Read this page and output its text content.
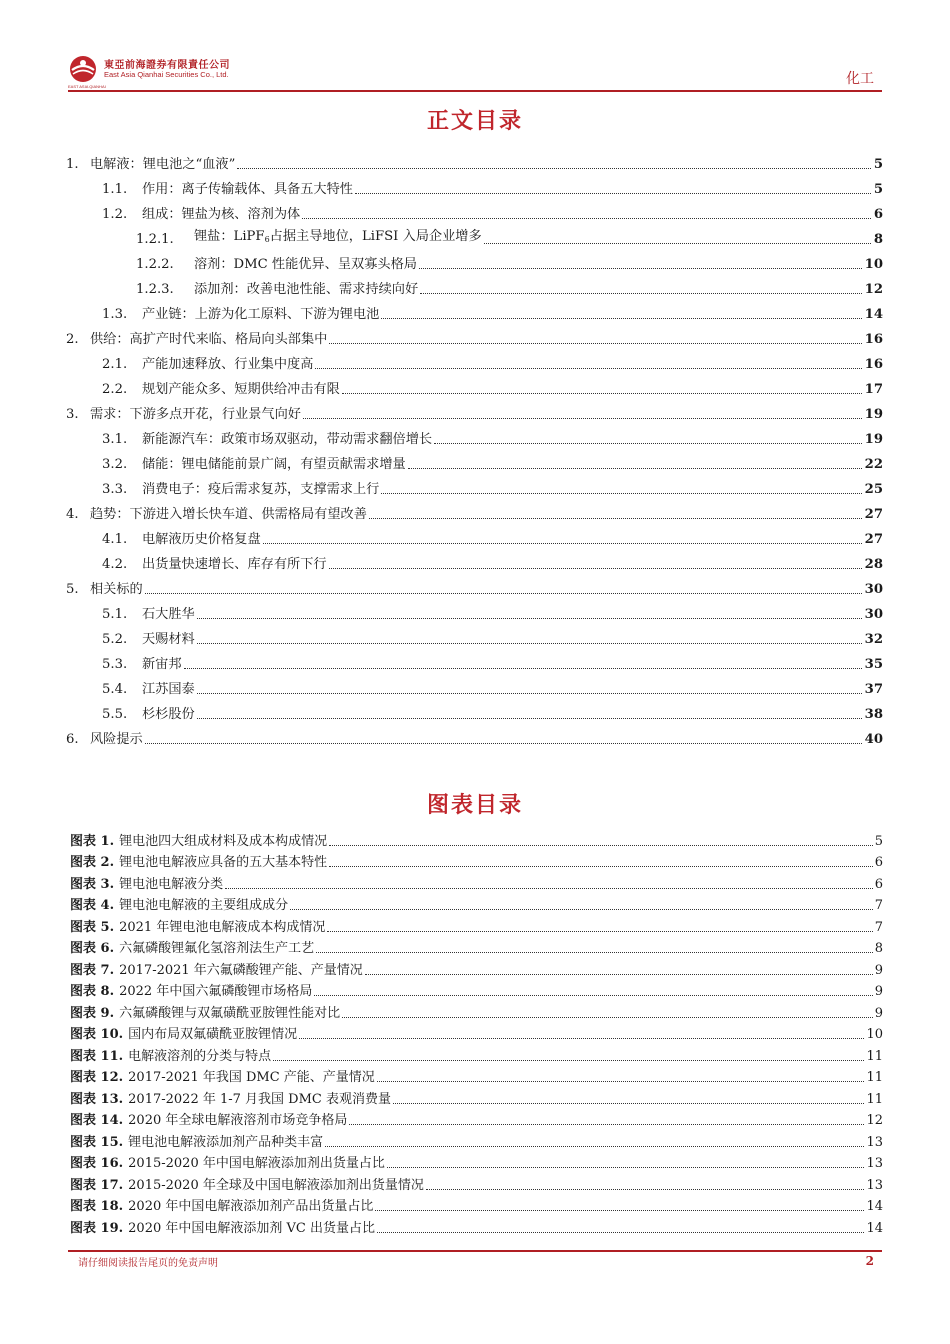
東亞前海證券有限責任公司
East Asia Qianhai Securities Co., Ltd.
EAST ASIA QIANHAI	化工
正文目录
1. 电解液：锂电池之“血液”	5
1.1.	作用：离子传输载体、具备五大特性	5
1.2.	组成：锂盐为核、溶剂为体	6
1.2.1.	锂盐：LiPF$_6$占据主导地位，LiFSI 入局企业增多	8
1.2.2.	溶剂：DMC 性能优异、呈双寡头格局	10
1.2.3.	添加剂：改善电池性能、需求持续向好	12
1.3.	产业链：上游为化工原料、下游为锂电池	14
2. 供给：高扩产时代来临、格局向头部集中	16
2.1.	产能加速释放、行业集中度高	16
2.2.	规划产能众多、短期供给冲击有限	17
3. 需求：下游多点开花，行业景气向好	19
3.1.	新能源汽车：政策市场双驱动，带动需求翻倍增长	19
3.2.	储能：锂电储能前景广阔，有望贡献需求增量	22
3.3.	消费电子：疫后需求复苏，支撑需求上行	25
4. 趋势：下游进入增长快车道、供需格局有望改善	27
4.1.	电解液历史价格复盘	27
4.2.	出货量快速增长、库存有所下行	28
5. 相关标的	30
5.1.	石大胜华	30
5.2.	天赐材料	32
5.3.	新宙邦	35
5.4.	江苏国泰	37
5.5.	杉杉股份	38
6. 风险提示	40
图表目录
图表 1. 锂电池四大组成材料及成本构成情况	5
图表 2. 锂电池电解液应具备的五大基本特性	6
图表 3. 锂电池电解液分类	6
图表 4. 锂电池电解液的主要组成成分	7
图表 5. 2021 年锂电池电解液成本构成情况	7
图表 6. 六氟磷酸锂氟化氢溶剂法生产工艺	8
图表 7. 2017-2021 年六氟磷酸锂产能、产量情况	9
图表 8. 2022 年中国六氟磷酸锂市场格局	9
图表 9. 六氟磷酸锂与双氟磺酰亚胺锂性能对比	9
图表 10. 国内布局双氟磺酰亚胺锂情况	10
图表 11. 电解液溶剂的分类与特点	11
图表 12. 2017-2021 年我国 DMC 产能、产量情况	11
图表 13. 2017-2022 年 1-7 月我国 DMC 表观消费量	11
图表 14. 2020 年全球电解液溶剂市场竞争格局	12
图表 15. 锂电池电解液添加剂产品种类丰富	13
图表 16. 2015-2020 年中国电解液添加剂出货量占比	13
图表 17. 2015-2020 年全球及中国电解液添加剂出货量情况	13
图表 18. 2020 年中国电解液添加剂产品出货量占比	14
图表 19. 2020 年中国电解液添加剂 VC 出货量占比	14
请仔细阅读报告尾页的免责声明	2
